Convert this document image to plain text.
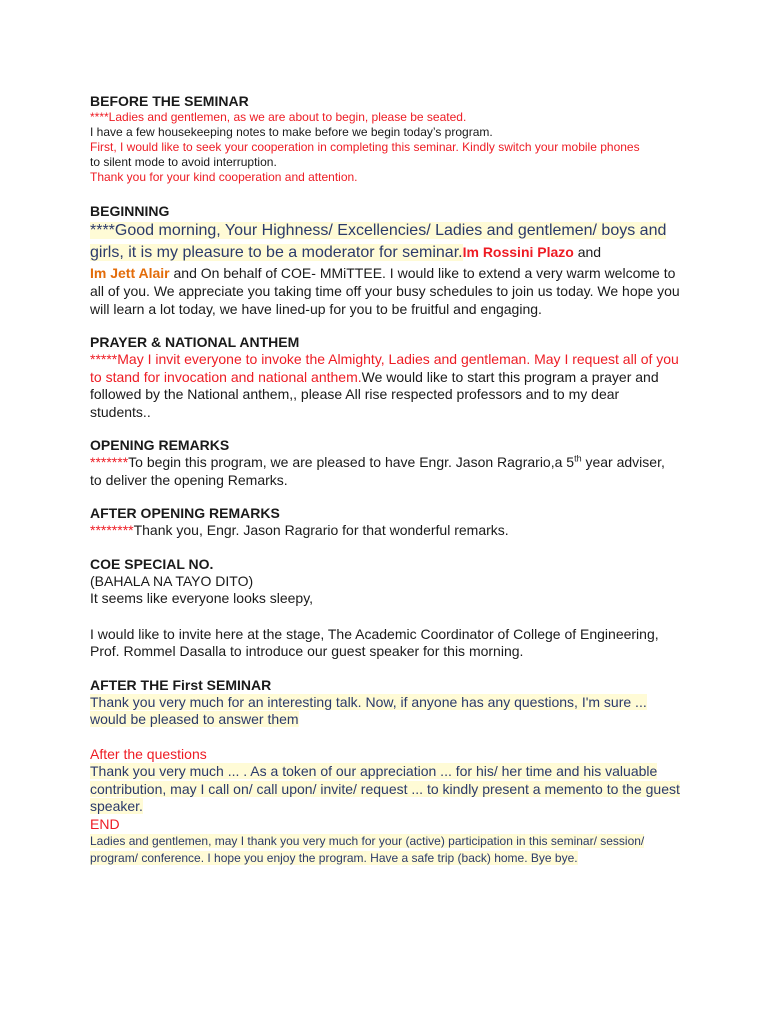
BEFORE THE SEMINAR

****Ladies and gentlemen, as we are about to begin, please be seated.

I have a few housekeeping notes to make before we begin today’s program.

First, I would like to seek your cooperation in completing this seminar. Kindly switch your mobile phones

to silent mode to avoid interruption.

Thank you for your kind cooperation and attention.

BEGINNING

****Good morning, Your Highness/ Excellencies/ Ladies and gentlemen/ boys and girls, it is my pleasure to be a moderator for seminar.Im Rossini Plazo and
Im Jett Alair and On behalf of COE- MMiTTEE. I would like to extend a very warm welcome to all of you. We appreciate you taking time off your busy schedules to join us today. We hope you will learn a lot today, we have lined-up for you to be fruitful and engaging.

PRAYER & NATIONAL ANTHEM

*****May I invit everyone to invoke the Almighty, Ladies and gentleman. May I request all of you to stand for invocation and national anthem.We would like to start this program a prayer and followed by the National anthem,, please All rise respected professors and to my dear students..

OPENING REMARKS

*******To begin this program, we are pleased to have Engr. Jason Ragrario,a 5th year adviser, to deliver the opening Remarks.

AFTER OPENING REMARKS

********Thank you, Engr. Jason Ragrario for that wonderful remarks.

COE SPECIAL NO.

(BAHALA NA TAYO DITO)

It seems like everyone looks sleepy,

I would like to invite here at the stage, The Academic Coordinator of College of Engineering, Prof. Rommel Dasalla to introduce our guest speaker for this morning.

AFTER THE First SEMINAR

Thank you very much for an interesting talk. Now, if anyone has any questions, I'm sure ... would be pleased to answer them

After the questions

Thank you very much ... . As a token of our appreciation ... for his/ her time and his valuable contribution, may I call on/ call upon/ invite/ request ... to kindly present a memento to the guest speaker.

END

Ladies and gentlemen, may I thank you very much for your (active) participation in this seminar/ session/ program/ conference. I hope you enjoy the program. Have a safe trip (back) home. Bye bye.
